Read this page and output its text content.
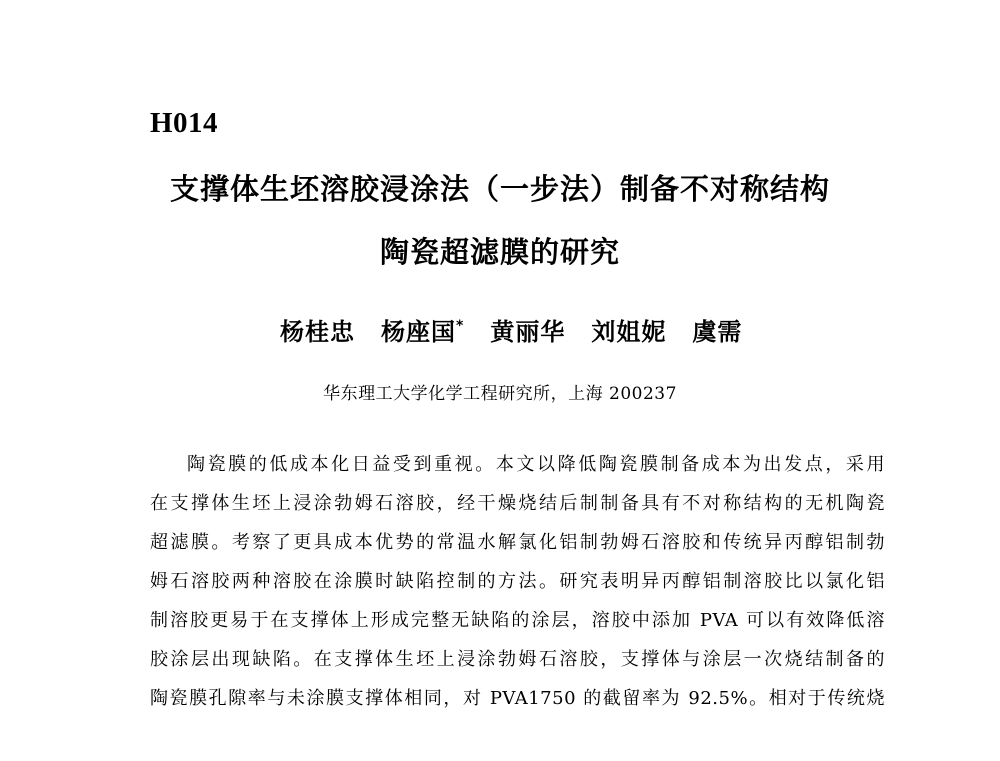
H014
支撑体生坯溶胶浸涂法（一步法）制备不对称结构
陶瓷超滤膜的研究
杨桂忠 杨座国* 黄丽华 刘姐妮 虞需
华东理工大学化学工程研究所，上海 200237
陶瓷膜的低成本化日益受到重视。本文以降低陶瓷膜制备成本为出发点，采用
在支撑体生坯上浸涂勃姆石溶胶，经干燥烧结后制制备具有不对称结构的无机陶瓷
超滤膜。考察了更具成本优势的常温水解氯化铝制勃姆石溶胶和传统异丙醇铝制勃
姆石溶胶两种溶胶在涂膜时缺陷控制的方法。研究表明异丙醇铝制溶胶比以氯化铝
制溶胶更易于在支撑体上形成完整无缺陷的涂层，溶胶中添加 PVA 可以有效降低溶
胶涂层出现缺陷。在支撑体生坯上浸涂勃姆石溶胶，支撑体与涂层一次烧结制备的
陶瓷膜孔隙率与未涂膜支撑体相同，对 PVA1750 的截留率为 92.5%。相对于传统烧
